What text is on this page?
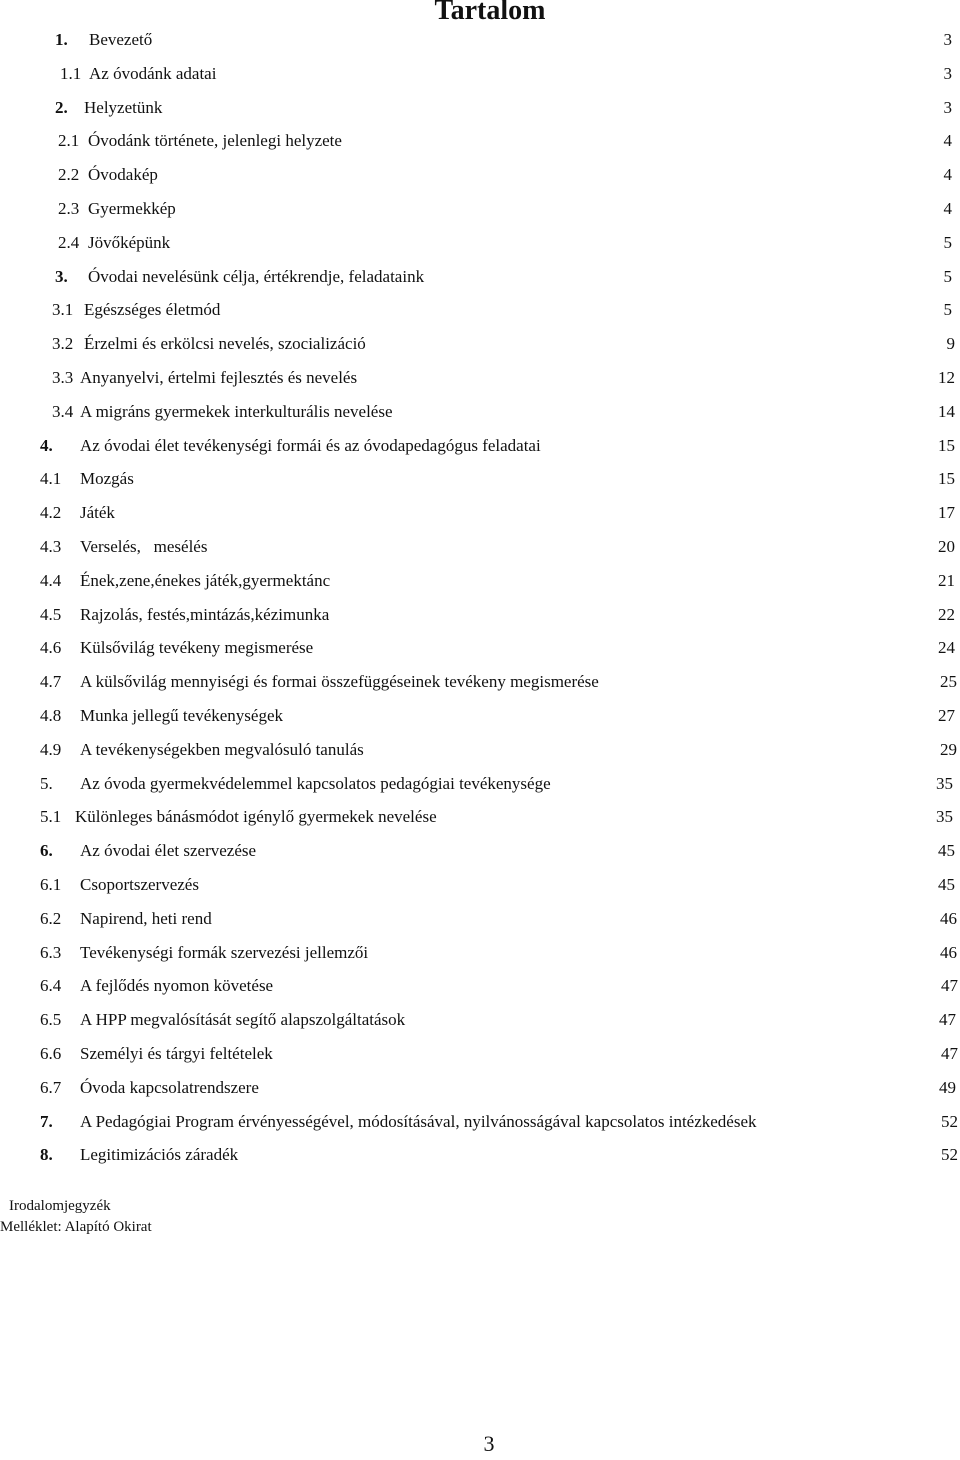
Tartalom
1. Bevezető	3
1.1 Az óvodánk adatai	3
2. Helyzetünk	3
2.1 Óvodánk története, jelenlegi helyzete	4
2.2 Óvodakép	4
2.3 Gyermekkép	4
2.4 Jövőképünk	5
3. Óvodai nevelésünk célja, értékrendje, feladataink	5
3.1 Egészséges életmód	5
3.2 Érzelmi és erkölcsi nevelés, szocializáció	9
3.3 Anyanyelvi, értelmi fejlesztés és nevelés	12
3.4 A migráns gyermekek interkulturális nevelése	14
4. Az óvodai élet tevékenységi formái és az óvodapedagógus feladatai	15
4.1 Mozgás	15
4.2 Játék	17
4.3 Verselés,   mesélés	20
4.4 Ének,zene,énekes játék,gyermektánc	21
4.5 Rajzolás, festés,mintázás,kézimunka	22
4.6 Külsővilág tevékeny megismerése	24
4.7 A külsővilág mennyiségi és formai összefüggéseinek tevékeny megismerése	25
4.8 Munka jellegű tevékenységek	27
4.9 A tevékenységekben megvalósuló tanulás	29
5. Az óvoda gyermekvédelemmel kapcsolatos pedagógiai tevékenysége	35
5.1 Különleges bánásmódot igénylő gyermekek nevelése	35
6. Az óvodai élet szervezése	45
6.1 Csoportszervezés	45
6.2 Napirend, heti rend	46
6.3 Tevékenységi formák szervezési jellemzői	46
6.4 A fejlődés nyomon követése	47
6.5 A HPP megvalósítását segítő alapszolgáltatások	47
6.6 Személyi és tárgyi feltételek	47
6.7 Óvoda kapcsolatrendszere	49
7. A Pedagógiai Program érvényességével, módosításával, nyilvánosságával kapcsolatos intézkedések	52
8. Legitimizációs záradék	52
Irodalomjegyzék
Melléklet: Alapító Okirat
3
